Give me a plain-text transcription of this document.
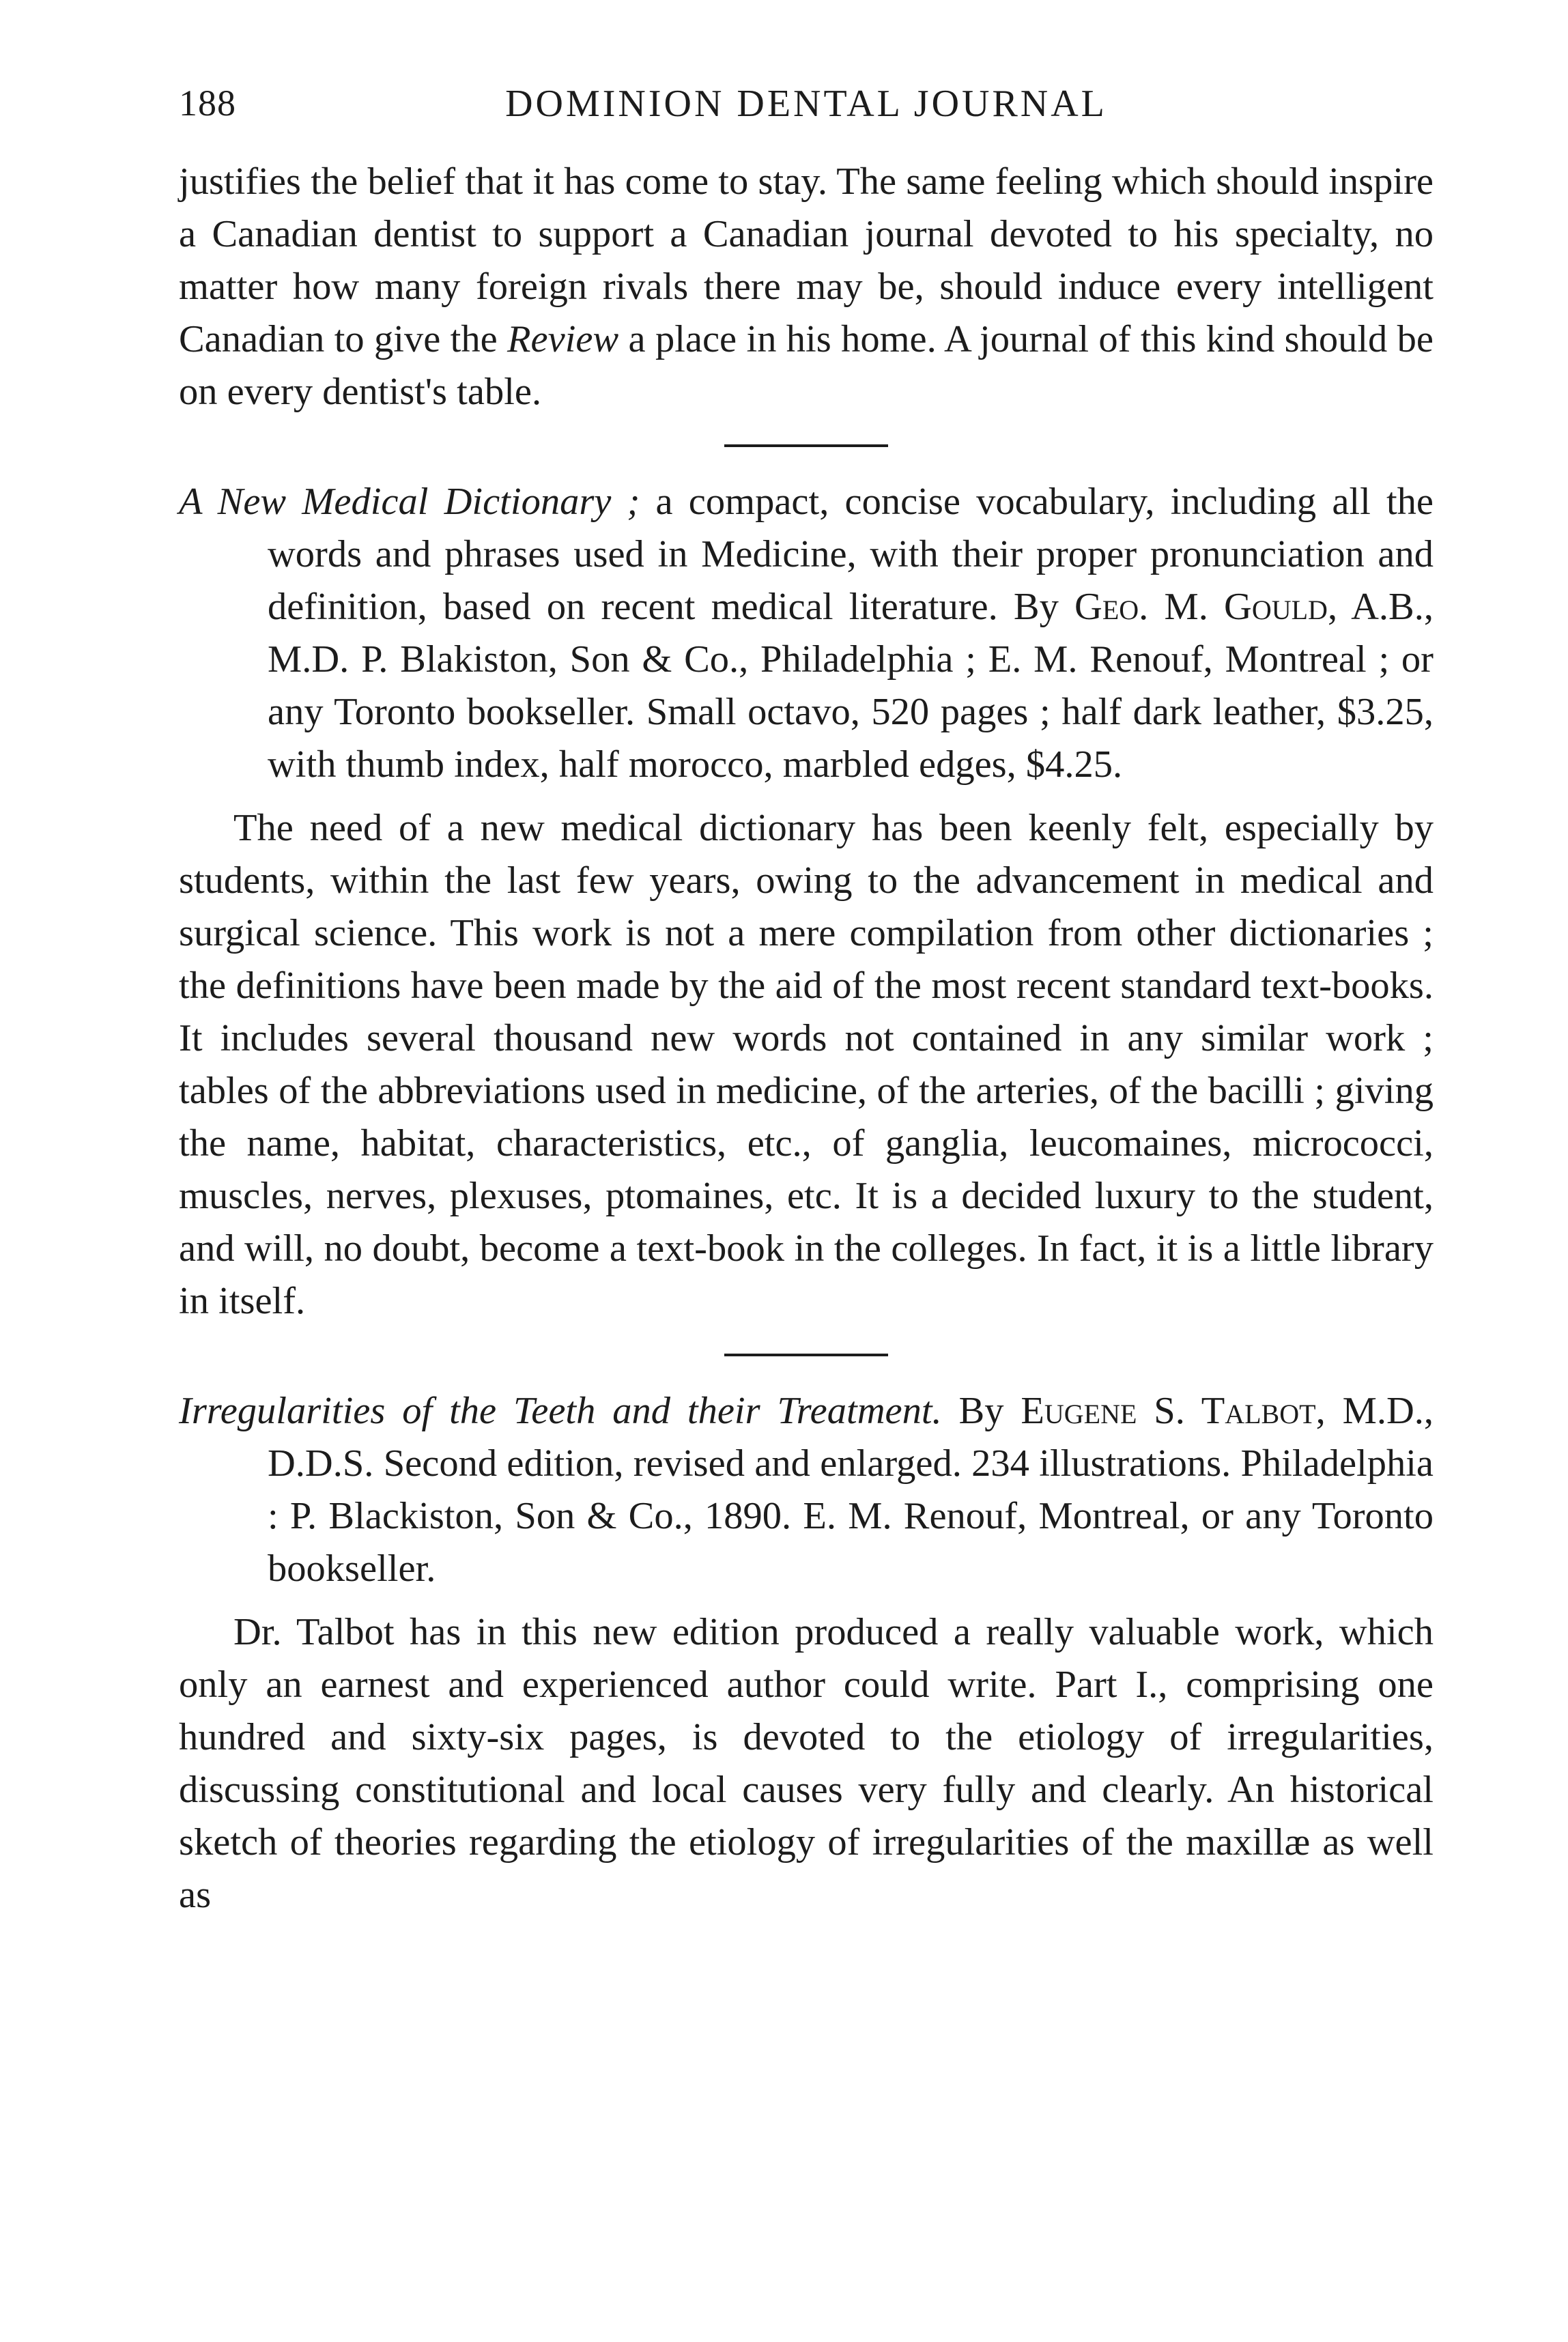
188	DOMINION DENTAL JOURNAL

justifies the belief that it has come to stay. The same feeling which should inspire a Canadian dentist to support a Canadian journal devoted to his specialty, no matter how many foreign rivals there may be, should induce every intelligent Canadian to give the Review a place in his home. A journal of this kind should be on every dentist's table.

A New Medical Dictionary ; a compact, concise vocabulary, including all the words and phrases used in Medicine, with their proper pronunciation and definition, based on recent medical literature. By Geo. M. Gould, A.B., M.D. P. Blakiston, Son & Co., Philadelphia ; E. M. Renouf, Montreal ; or any Toronto bookseller. Small octavo, 520 pages ; half dark leather, $3.25, with thumb index, half morocco, marbled edges, $4.25.

The need of a new medical dictionary has been keenly felt, especially by students, within the last few years, owing to the advancement in medical and surgical science. This work is not a mere compilation from other dictionaries ; the definitions have been made by the aid of the most recent standard text-books. It includes several thousand new words not contained in any similar work ; tables of the abbreviations used in medicine, of the arteries, of the bacilli ; giving the name, habitat, characteristics, etc., of ganglia, leucomaines, micrococci, muscles, nerves, plexuses, ptomaines, etc. It is a decided luxury to the student, and will, no doubt, become a text-book in the colleges. In fact, it is a little library in itself.

Irregularities of the Teeth and their Treatment. By Eugene S. Talbot, M.D., D.D.S. Second edition, revised and enlarged. 234 illustrations. Philadelphia : P. Blackiston, Son & Co., 1890. E. M. Renouf, Montreal, or any Toronto bookseller.

Dr. Talbot has in this new edition produced a really valuable work, which only an earnest and experienced author could write. Part I., comprising one hundred and sixty-six pages, is devoted to the etiology of irregularities, discussing constitutional and local causes very fully and clearly. An historical sketch of theories regarding the etiology of irregularities of the maxillæ as well as
